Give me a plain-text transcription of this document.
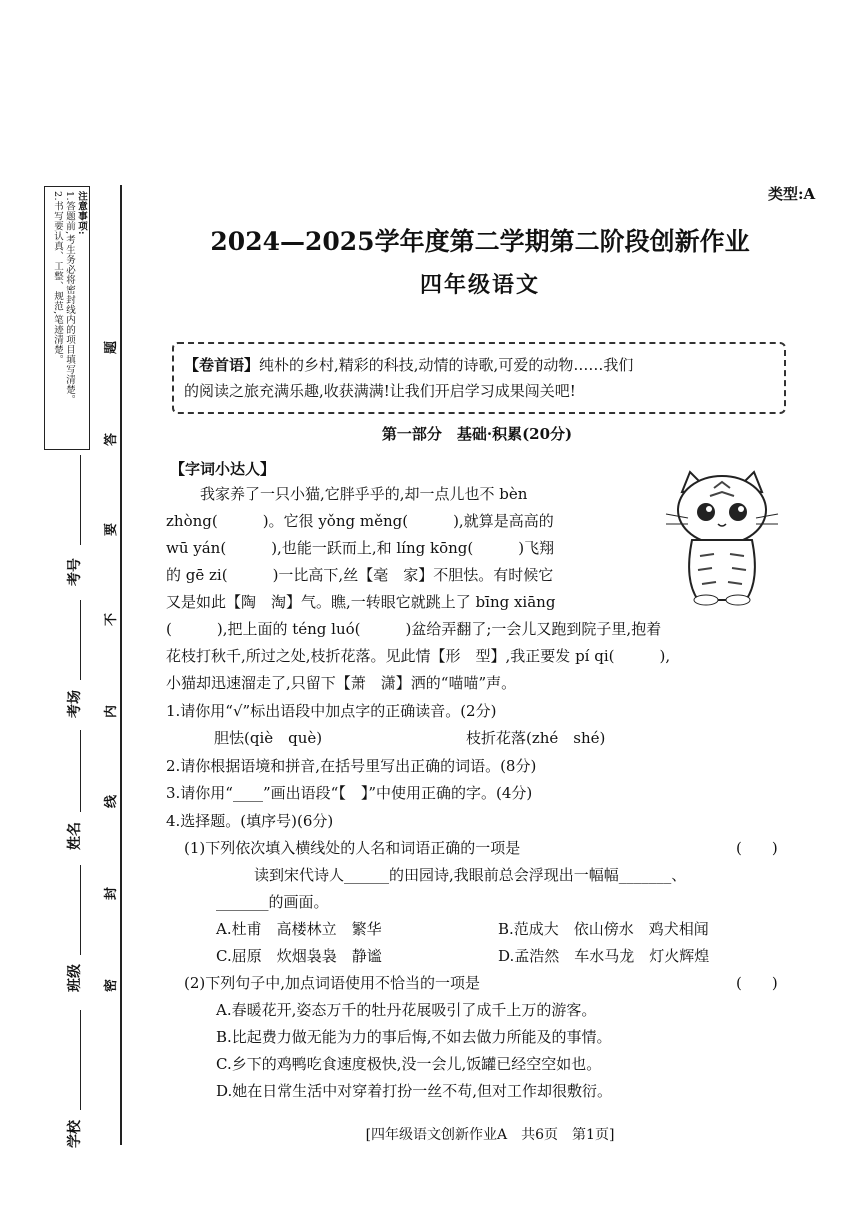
注意事项:
1.答题前,考生务必将密封线内的项目填写清楚。
2.书写要认真、工整、规范,笔迹清楚。	题
答
要
不
内
线
封
密
考号
考场
姓名
班级
学校
类型:A
2024—2025学年度第二学期第二阶段创新作业
四年级语文
【卷首语】纯朴的乡村,精彩的科技,动情的诗歌,可爱的动物……我们
的阅读之旅充满乐趣,收获满满!让我们开启学习成果闯关吧!
第一部分　基础·积累(20分)
【字词小达人】
我家养了一只小猫,它胖乎乎的,却一点儿也不 bèn
zhòng(　　　)。它很 yǒng měng(　　　),就算是高高的
wū yán(　　　),也能一跃而上,和 líng kōng(　　　)飞翔
的 gē zi(　　　)一比高下,丝【毫　家】不胆怯。有时候它
又是如此【陶　淘】气。瞧,一转眼它就跳上了 bīng xiāng
(　　　),把上面的 téng luó(　　　)盆给弄翻了;一会儿又跑到院子里,抱着
花枝打秋千,所过之处,枝折花落。见此情【形　型】,我正要发 pí qi(　　　),
小猫却迅速溜走了,只留下【萧　潇】洒的“喵喵”声。
1.请你用“√”标出语段中加点字的正确读音。(2分)
胆怯(qiè　què)	枝折花落(zhé　shé)
2.请你根据语境和拼音,在括号里写出正确的词语。(8分)
3.请你用“____”画出语段“【　】”中使用正确的字。(4分)
4.选择题。(填序号)(6分)
(1)下列依次填入横线处的人名和词语正确的一项是	(　　)
读到宋代诗人______的田园诗,我眼前总会浮现出一幅幅_______、
_______的画面。
A.杜甫　高楼林立　繁华	B.范成大　依山傍水　鸡犬相闻
C.屈原　炊烟袅袅　静谧	D.孟浩然　车水马龙　灯火辉煌
(2)下列句子中,加点词语使用不恰当的一项是	(　　)
A.春暖花开,姿态万千的牡丹花展吸引了成千上万的游客。
B.比起费力做无能为力的事后悔,不如去做力所能及的事情。
C.乡下的鸡鸭吃食速度极快,没一会儿,饭罐已经空空如也。
D.她在日常生活中对穿着打扮一丝不苟,但对工作却很敷衍。
[四年级语文创新作业A　共6页　第1页]
